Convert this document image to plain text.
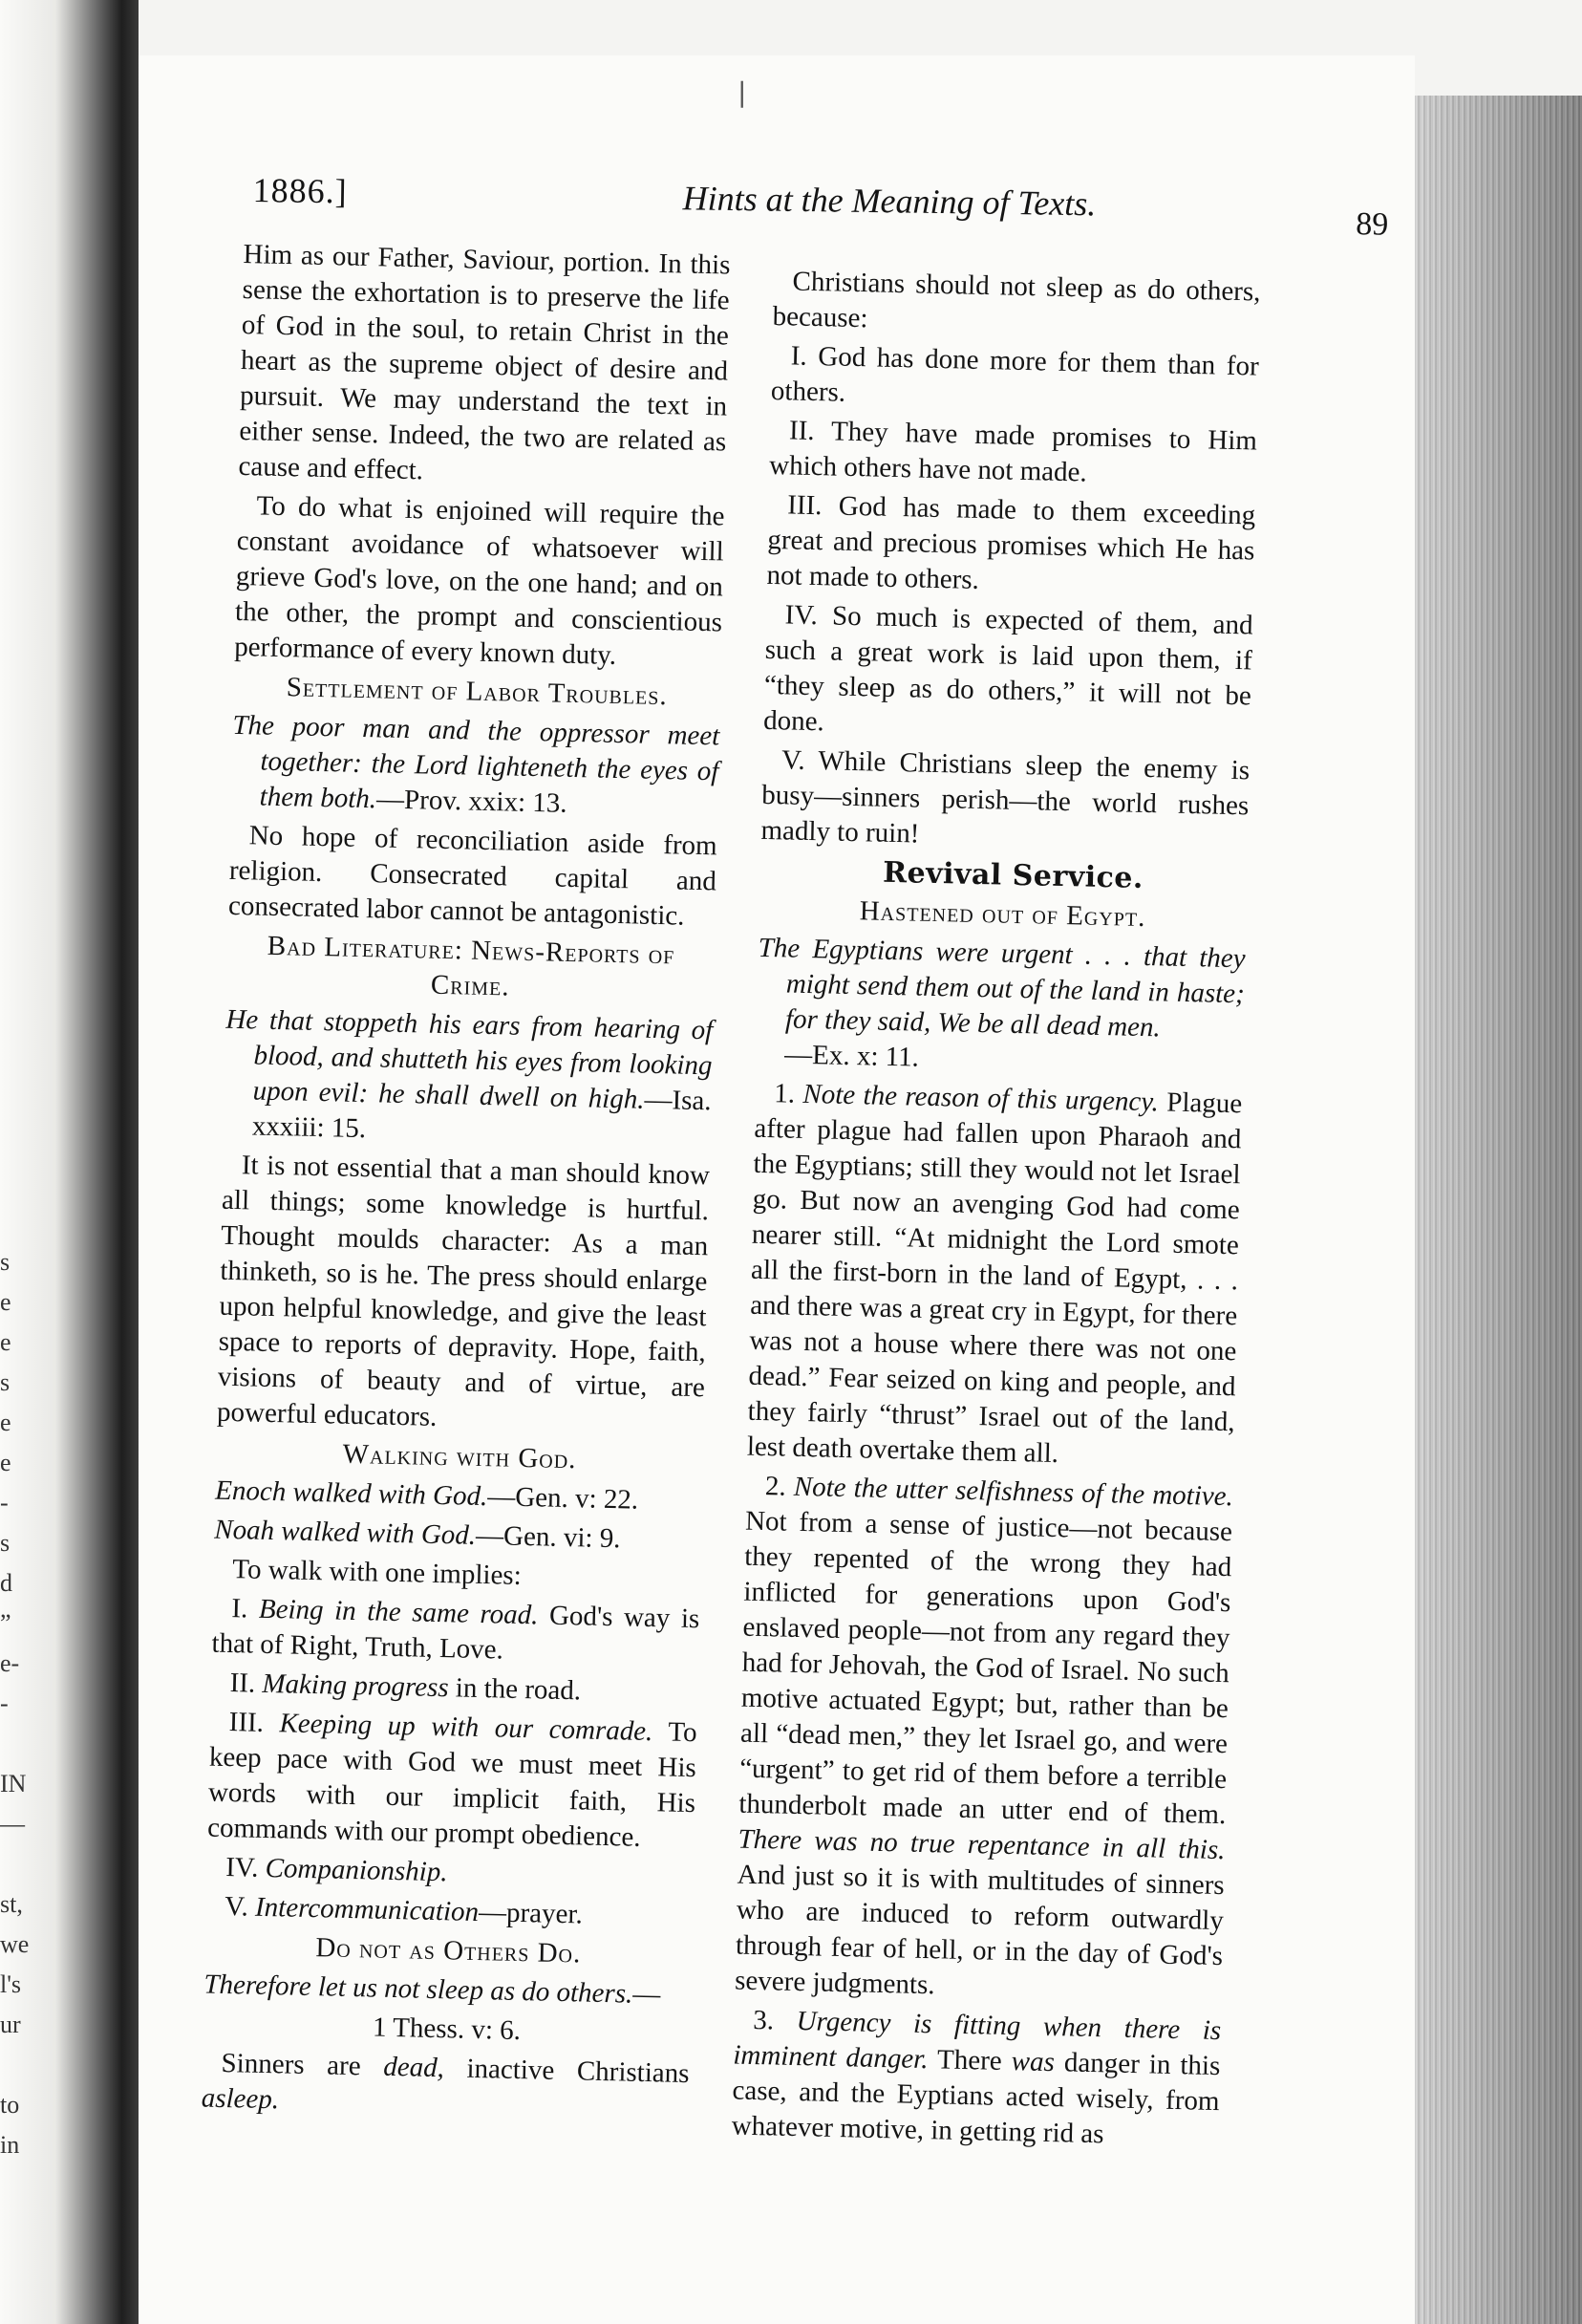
s
e
e
s
e
e
-
s
d
”
e-
-
IN
—
st,
we
l's
ur
to
in
❘
1886.]	Hints at the Meaning of Texts.
89

Him as our Father, Saviour, portion. In this sense the exhortation is to preserve the life of God in the soul, to retain Christ in the heart as the supreme object of desire and pursuit. We may understand the text in either sense. Indeed, the two are related as cause and effect.

To do what is enjoined will require the constant avoidance of whatsoever will grieve God's love, on the one hand; and on the other, the prompt and conscientious performance of every known duty.

Settlement of Labor Troubles.

The poor man and the oppressor meet together: the Lord lighteneth the eyes of them both.—Prov. xxix: 13.

No hope of reconciliation aside from religion. Consecrated capital and consecrated labor cannot be antagonistic.

Bad Literature: News-Reports of Crime.

He that stoppeth his ears from hearing of blood, and shutteth his eyes from looking upon evil: he shall dwell on high.—Isa. xxxiii: 15.

It is not essential that a man should know all things; some knowledge is hurtful. Thought moulds character: As a man thinketh, so is he. The press should enlarge upon helpful knowledge, and give the least space to reports of depravity. Hope, faith, visions of beauty and of virtue, are powerful educators.

Walking with God.

Enoch walked with God.—Gen. v: 22.

Noah walked with God.—Gen. vi: 9.

To walk with one implies:

I. Being in the same road. God's way is that of Right, Truth, Love.

II. Making progress in the road.

III. Keeping up with our comrade. To keep pace with God we must meet His words with our implicit faith, His commands with our prompt obedience.

IV. Companionship.

V. Intercommunication—prayer.

Do not as Others Do.

Therefore let us not sleep as do others.—

1 Thess. v: 6.

Sinners are dead, inactive Christians asleep.

Christians should not sleep as do others, because:

I. God has done more for them than for others.

II. They have made promises to Him which others have not made.

III. God has made to them exceeding great and precious promises which He has not made to others.

IV. So much is expected of them, and such a great work is laid upon them, if “they sleep as do others,” it will not be done.

V. While Christians sleep the enemy is busy—sinners perish—the world rushes madly to ruin!

Revival Service.

Hastened out of Egypt.

The Egyptians were urgent . . . that they might send them out of the land in haste; for they said, We be all dead men.
—Ex. x: 11.

1. Note the reason of this urgency. Plague after plague had fallen upon Pharaoh and the Egyptians; still they would not let Israel go. But now an avenging God had come nearer still. “At midnight the Lord smote all the first-born in the land of Egypt, . . . and there was a great cry in Egypt, for there was not a house where there was not one dead.” Fear seized on king and people, and they fairly “thrust” Israel out of the land, lest death overtake them all.

2. Note the utter selfishness of the motive. Not from a sense of justice—not because they repented of the wrong they had inflicted for generations upon God's enslaved people—not from any regard they had for Jehovah, the God of Israel. No such motive actuated Egypt; but, rather than be all “dead men,” they let Israel go, and were “urgent” to get rid of them before a terrible thunderbolt made an utter end of them. There was no true repentance in all this. And just so it is with multitudes of sinners who are induced to reform outwardly through fear of hell, or in the day of God's severe judgments.

3. Urgency is fitting when there is imminent danger. There was danger in this case, and the Eyptians acted wisely, from whatever motive, in getting rid as
